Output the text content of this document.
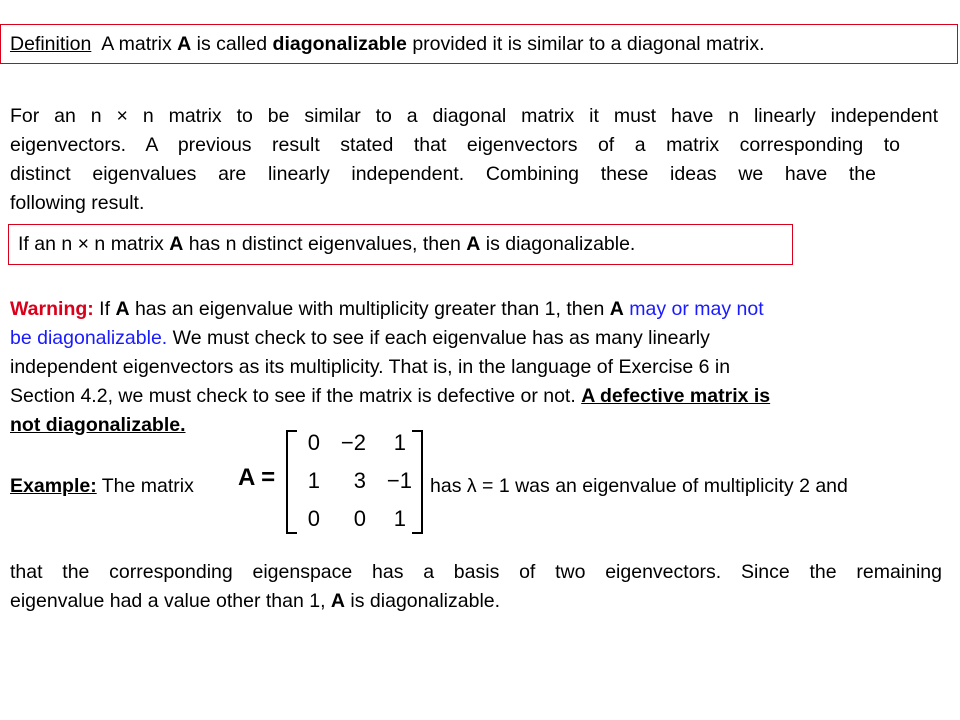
Definition A matrix A is called diagonalizable provided it is similar to a diagonal matrix.
For an n × n matrix to be similar to a diagonal matrix it must have n linearly independent
eigenvectors. A previous result stated that eigenvectors of a matrix corresponding to
distinct eigenvalues are linearly independent. Combining these ideas we have the
following result.
If an n × n matrix A has n distinct eigenvalues, then A is diagonalizable.
Warning: If A has an eigenvalue with multiplicity greater than 1, then A may or may not
be diagonalizable. We must check to see if each eigenvalue has as many linearly
independent eigenvectors as its multiplicity. That is, in the language of Exercise 6 in
Section 4.2, we must check to see if the matrix is defective or not. A defective matrix is
not diagonalizable.
Example: The matrix A =
0 −2	1
1	3 −1
0	0	1
has λ = 1 was an eigenvalue of multiplicity 2 and
that the corresponding eigenspace has a basis of two eigenvectors. Since the remaining
eigenvalue had a value other than 1, A is diagonalizable.
